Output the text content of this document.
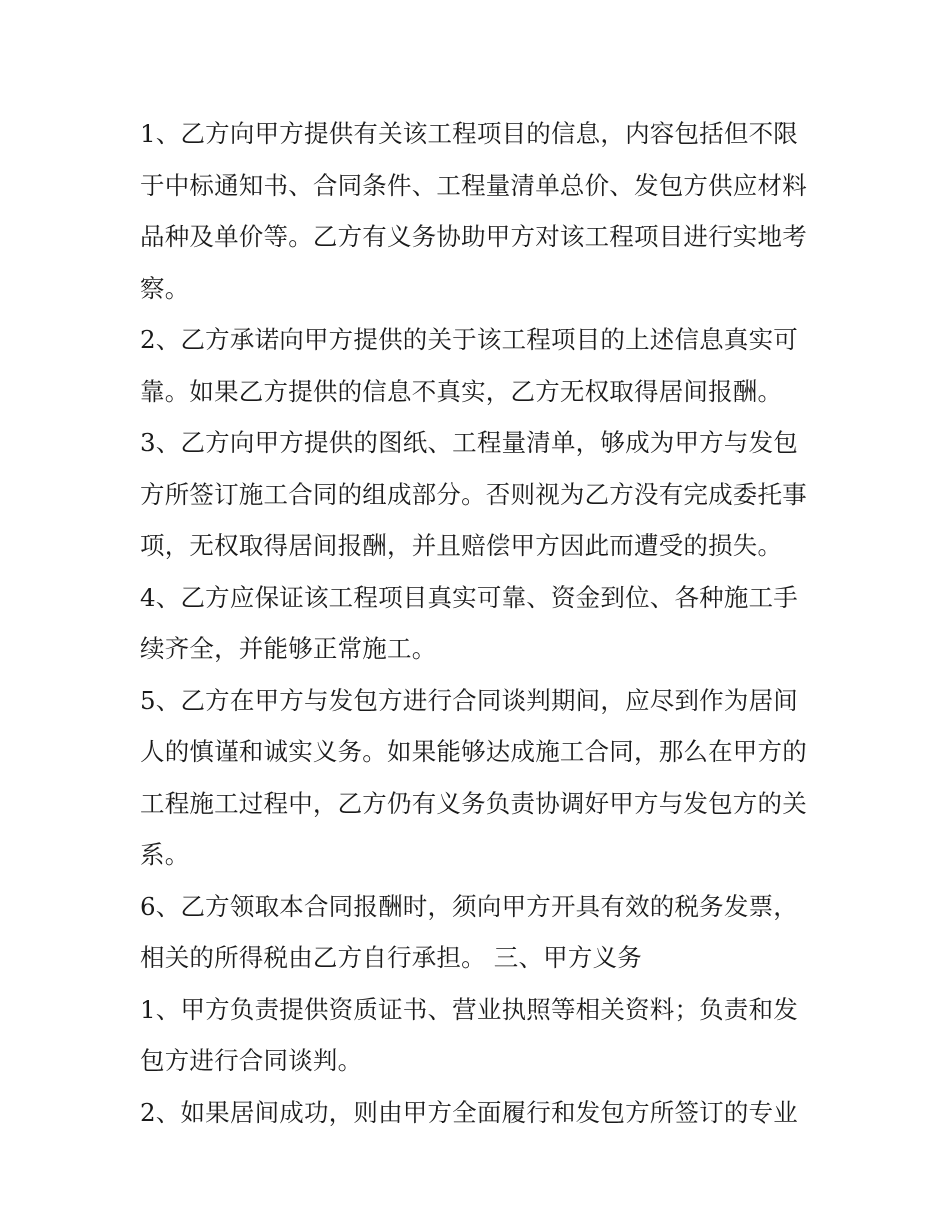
1、乙方向甲方提供有关该工程项目的信息，内容包括但不限
于中标通知书、合同条件、工程量清单总价、发包方供应材料
品种及单价等。乙方有义务协助甲方对该工程项目进行实地考
察。
2、乙方承诺向甲方提供的关于该工程项目的上述信息真实可
靠。如果乙方提供的信息不真实，乙方无权取得居间报酬。
3、乙方向甲方提供的图纸、工程量清单，够成为甲方与发包
方所签订施工合同的组成部分。否则视为乙方没有完成委托事
项，无权取得居间报酬，并且赔偿甲方因此而遭受的损失。
4、乙方应保证该工程项目真实可靠、资金到位、各种施工手
续齐全，并能够正常施工。
5、乙方在甲方与发包方进行合同谈判期间，应尽到作为居间
人的慎谨和诚实义务。如果能够达成施工合同，那么在甲方的
工程施工过程中，乙方仍有义务负责协调好甲方与发包方的关
系。
6、乙方领取本合同报酬时，须向甲方开具有效的税务发票，
相关的所得税由乙方自行承担。 三、甲方义务
1、甲方负责提供资质证书、营业执照等相关资料；负责和发
包方进行合同谈判。
2、如果居间成功，则由甲方全面履行和发包方所签订的专业
